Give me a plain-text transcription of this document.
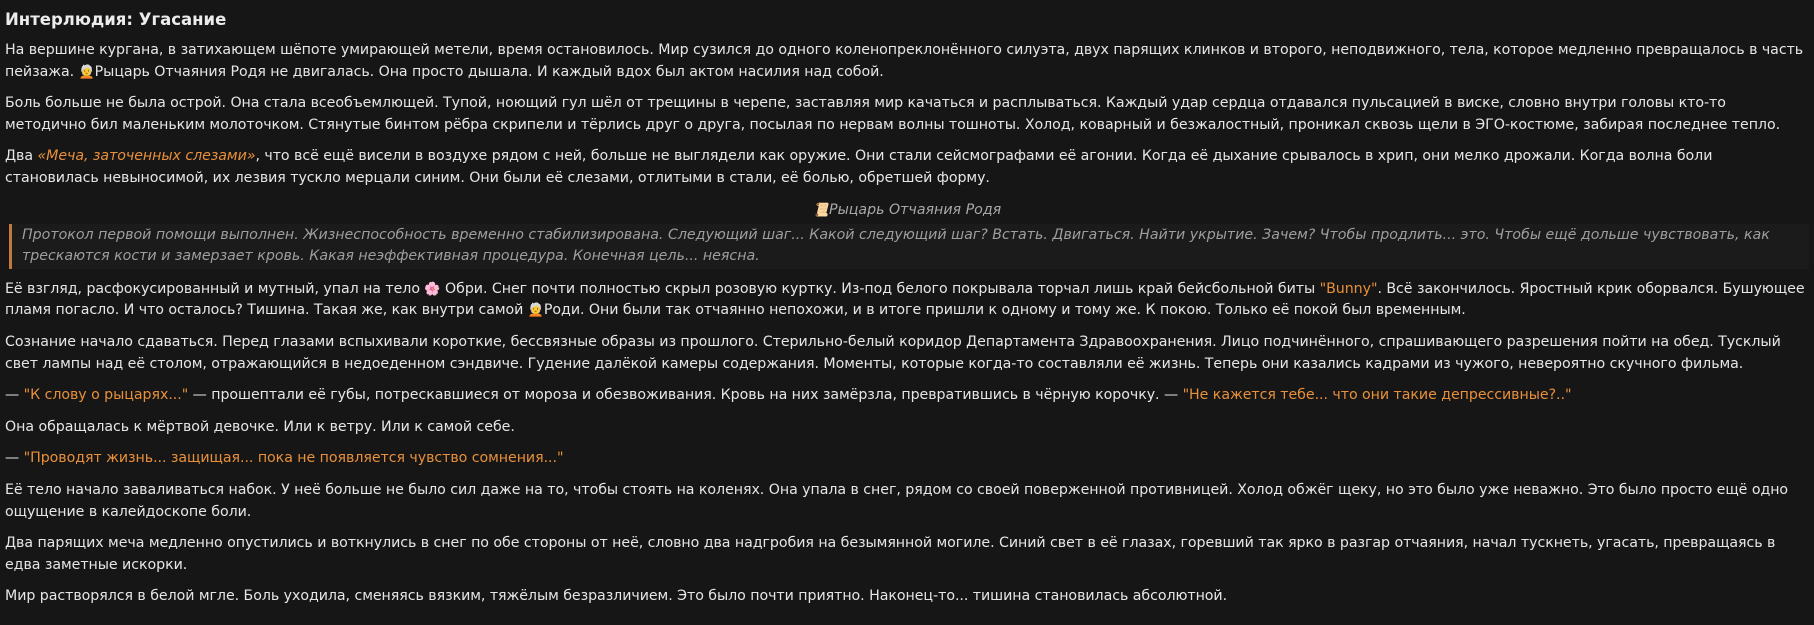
Интерлюдия: Угасание

На вершине кургана, в затихающем шёпоте умирающей метели, время остановилось. Мир сузился до одного коленопреклонённого силуэта, двух парящих клинков и второго, неподвижного, тела, которое медленно превращалось в часть пейзажа. 🧑‍🦳Рыцарь Отчаяния Родя не двигалась. Она просто дышала. И каждый вдох был актом насилия над собой.

Боль больше не была острой. Она стала всеобъемлющей. Тупой, ноющий гул шёл от трещины в черепе, заставляя мир качаться и расплываться. Каждый удар сердца отдавался пульсацией в виске, словно внутри головы кто-то методично бил маленьким молоточком. Стянутые бинтом рёбра скрипели и тёрлись друг о друга, посылая по нервам волны тошноты. Холод, коварный и безжалостный, проникал сквозь щели в ЭГО-костюме, забирая последнее тепло.

Два «Меча, заточенных слезами», что всё ещё висели в воздухе рядом с ней, больше не выглядели как оружие. Они стали сейсмографами её агонии. Когда её дыхание срывалось в хрип, они мелко дрожали. Когда волна боли становилась невыносимой, их лезвия тускло мерцали синим. Они были её слезами, отлитыми в стали, её болью, обретшей форму.

📜Рыцарь Отчаяния Родя
Протокол первой помощи выполнен. Жизнеспособность временно стабилизирована. Следующий шаг... Какой следующий шаг? Встать. Двигаться. Найти укрытие. Зачем? Чтобы продлить... это. Чтобы ещё дольше чувствовать, как трескаются кости и замерзает кровь. Какая неэффективная процедура. Конечная цель... неясна.

Её взгляд, расфокусированный и мутный, упал на тело 🌸 Обри. Снег почти полностью скрыл розовую куртку. Из-под белого покрывала торчал лишь край бейсбольной биты "Bunny". Всё закончилось. Яростный крик оборвался. Бушующее пламя погасло. И что осталось? Тишина. Такая же, как внутри самой 🧑‍🦳Роди. Они были так отчаянно непохожи, и в итоге пришли к одному и тому же. К покою. Только её покой был временным.

Сознание начало сдаваться. Перед глазами вспыхивали короткие, бессвязные образы из прошлого. Стерильно-белый коридор Департамента Здравоохранения. Лицо подчинённого, спрашивающего разрешения пойти на обед. Тусклый свет лампы над её столом, отражающийся в недоеденном сэндвиче. Гудение далёкой камеры содержания. Моменты, которые когда-то составляли её жизнь. Теперь они казались кадрами из чужого, невероятно скучного фильма.

— "К слову о рыцарях..." — прошептали её губы, потрескавшиеся от мороза и обезвоживания. Кровь на них замёрзла, превратившись в чёрную корочку. — "Не кажется тебе... что они такие депрессивные?.."

Она обращалась к мёртвой девочке. Или к ветру. Или к самой себе.

— "Проводят жизнь... защищая... пока не появляется чувство сомнения..."

Её тело начало заваливаться набок. У неё больше не было сил даже на то, чтобы стоять на коленях. Она упала в снег, рядом со своей поверженной противницей. Холод обжёг щеку, но это было уже неважно. Это было просто ещё одно ощущение в калейдоскопе боли.

Два парящих меча медленно опустились и воткнулись в снег по обе стороны от неё, словно два надгробия на безымянной могиле. Синий свет в её глазах, горевший так ярко в разгар отчаяния, начал тускнеть, угасать, превращаясь в едва заметные искорки.

Мир растворялся в белой мгле. Боль уходила, сменяясь вязким, тяжёлым безразличием. Это было почти приятно. Наконец-то... тишина становилась абсолютной.
